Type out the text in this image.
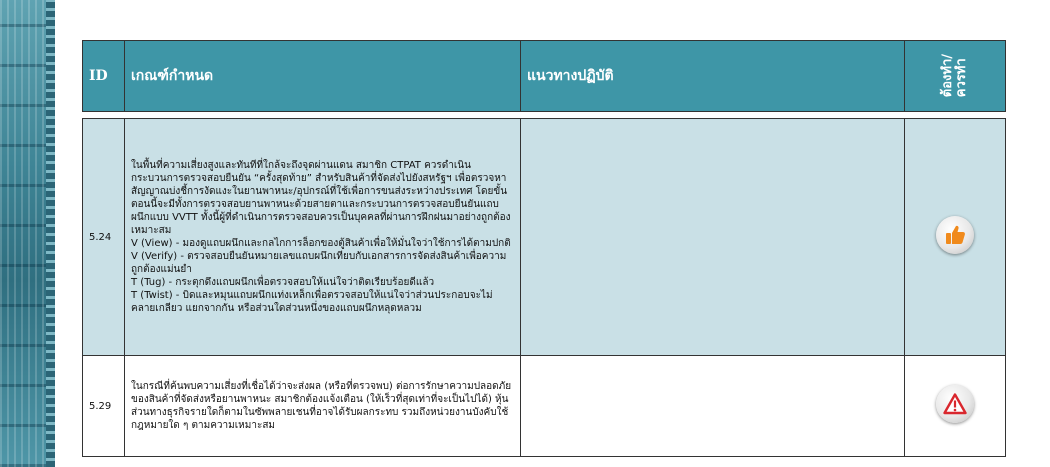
ID	เกณฑ์กำหนด	แนวทางปฏิบัติ	ต้องทำ/
ควรทำ
5.24	ในพื้นที่ความเสี่ยงสูงและทันทีที่ใกล้จะถึงจุดผ่านแดน สมาชิก CTPAT ควรดำเนินกระบวนการตรวจสอบยืนยัน “ครั้งสุดท้าย” สำหรับสินค้าที่จัดส่งไปยังสหรัฐฯ เพื่อตรวจหาสัญญาณบ่งชี้การงัดแงะในยานพาหนะ/อุปกรณ์ที่ใช้เพื่อการขนส่งระหว่างประเทศ โดยขั้นตอนนี้จะมีทั้งการตรวจสอบยานพาหนะด้วยสายตาและกระบวนการตรวจสอบยืนยันแถบผนึกแบบ VVTT ทั้งนี้ผู้ที่ดำเนินการตรวจสอบควรเป็นบุคคลที่ผ่านการฝึกฝนมาอย่างถูกต้องเหมาะสม
V (View) - มองดูแถบผนึกและกลไกการล็อกของตู้สินค้าเพื่อให้มั่นใจว่าใช้การได้ตามปกติ
V (Verify) - ตรวจสอบยืนยันหมายเลขแถบผนึกเทียบกับเอกสารการจัดส่งสินค้าเพื่อความถูกต้องแม่นยำ
T (Tug) - กระตุกดึงแถบผนึกเพื่อตรวจสอบให้แน่ใจว่าติดเรียบร้อยดีแล้ว
T (Twist) - บิดและหมุนแถบผนึกแท่งเหล็กเพื่อตรวจสอบให้แน่ใจว่าส่วนประกอบจะไม่คลายเกลียว แยกจากกัน หรือส่วนใดส่วนหนึ่งของแถบผนึกหลุดหลวม		

5.29	ในกรณีที่ค้นพบความเสี่ยงที่เชื่อได้ว่าจะส่งผล (หรือที่ตรวจพบ) ต่อการรักษาความปลอดภัยของสินค้าที่จัดส่งหรือยานพาหนะ สมาชิกต้องแจ้งเตือน (ให้เร็วที่สุดเท่าที่จะเป็นไปได้) หุ้นส่วนทางธุรกิจรายใดก็ตามในซัพพลายเชนที่อาจได้รับผลกระทบ รวมถึงหน่วยงานบังคับใช้กฎหมายใด ๆ ตามความเหมาะสม		
